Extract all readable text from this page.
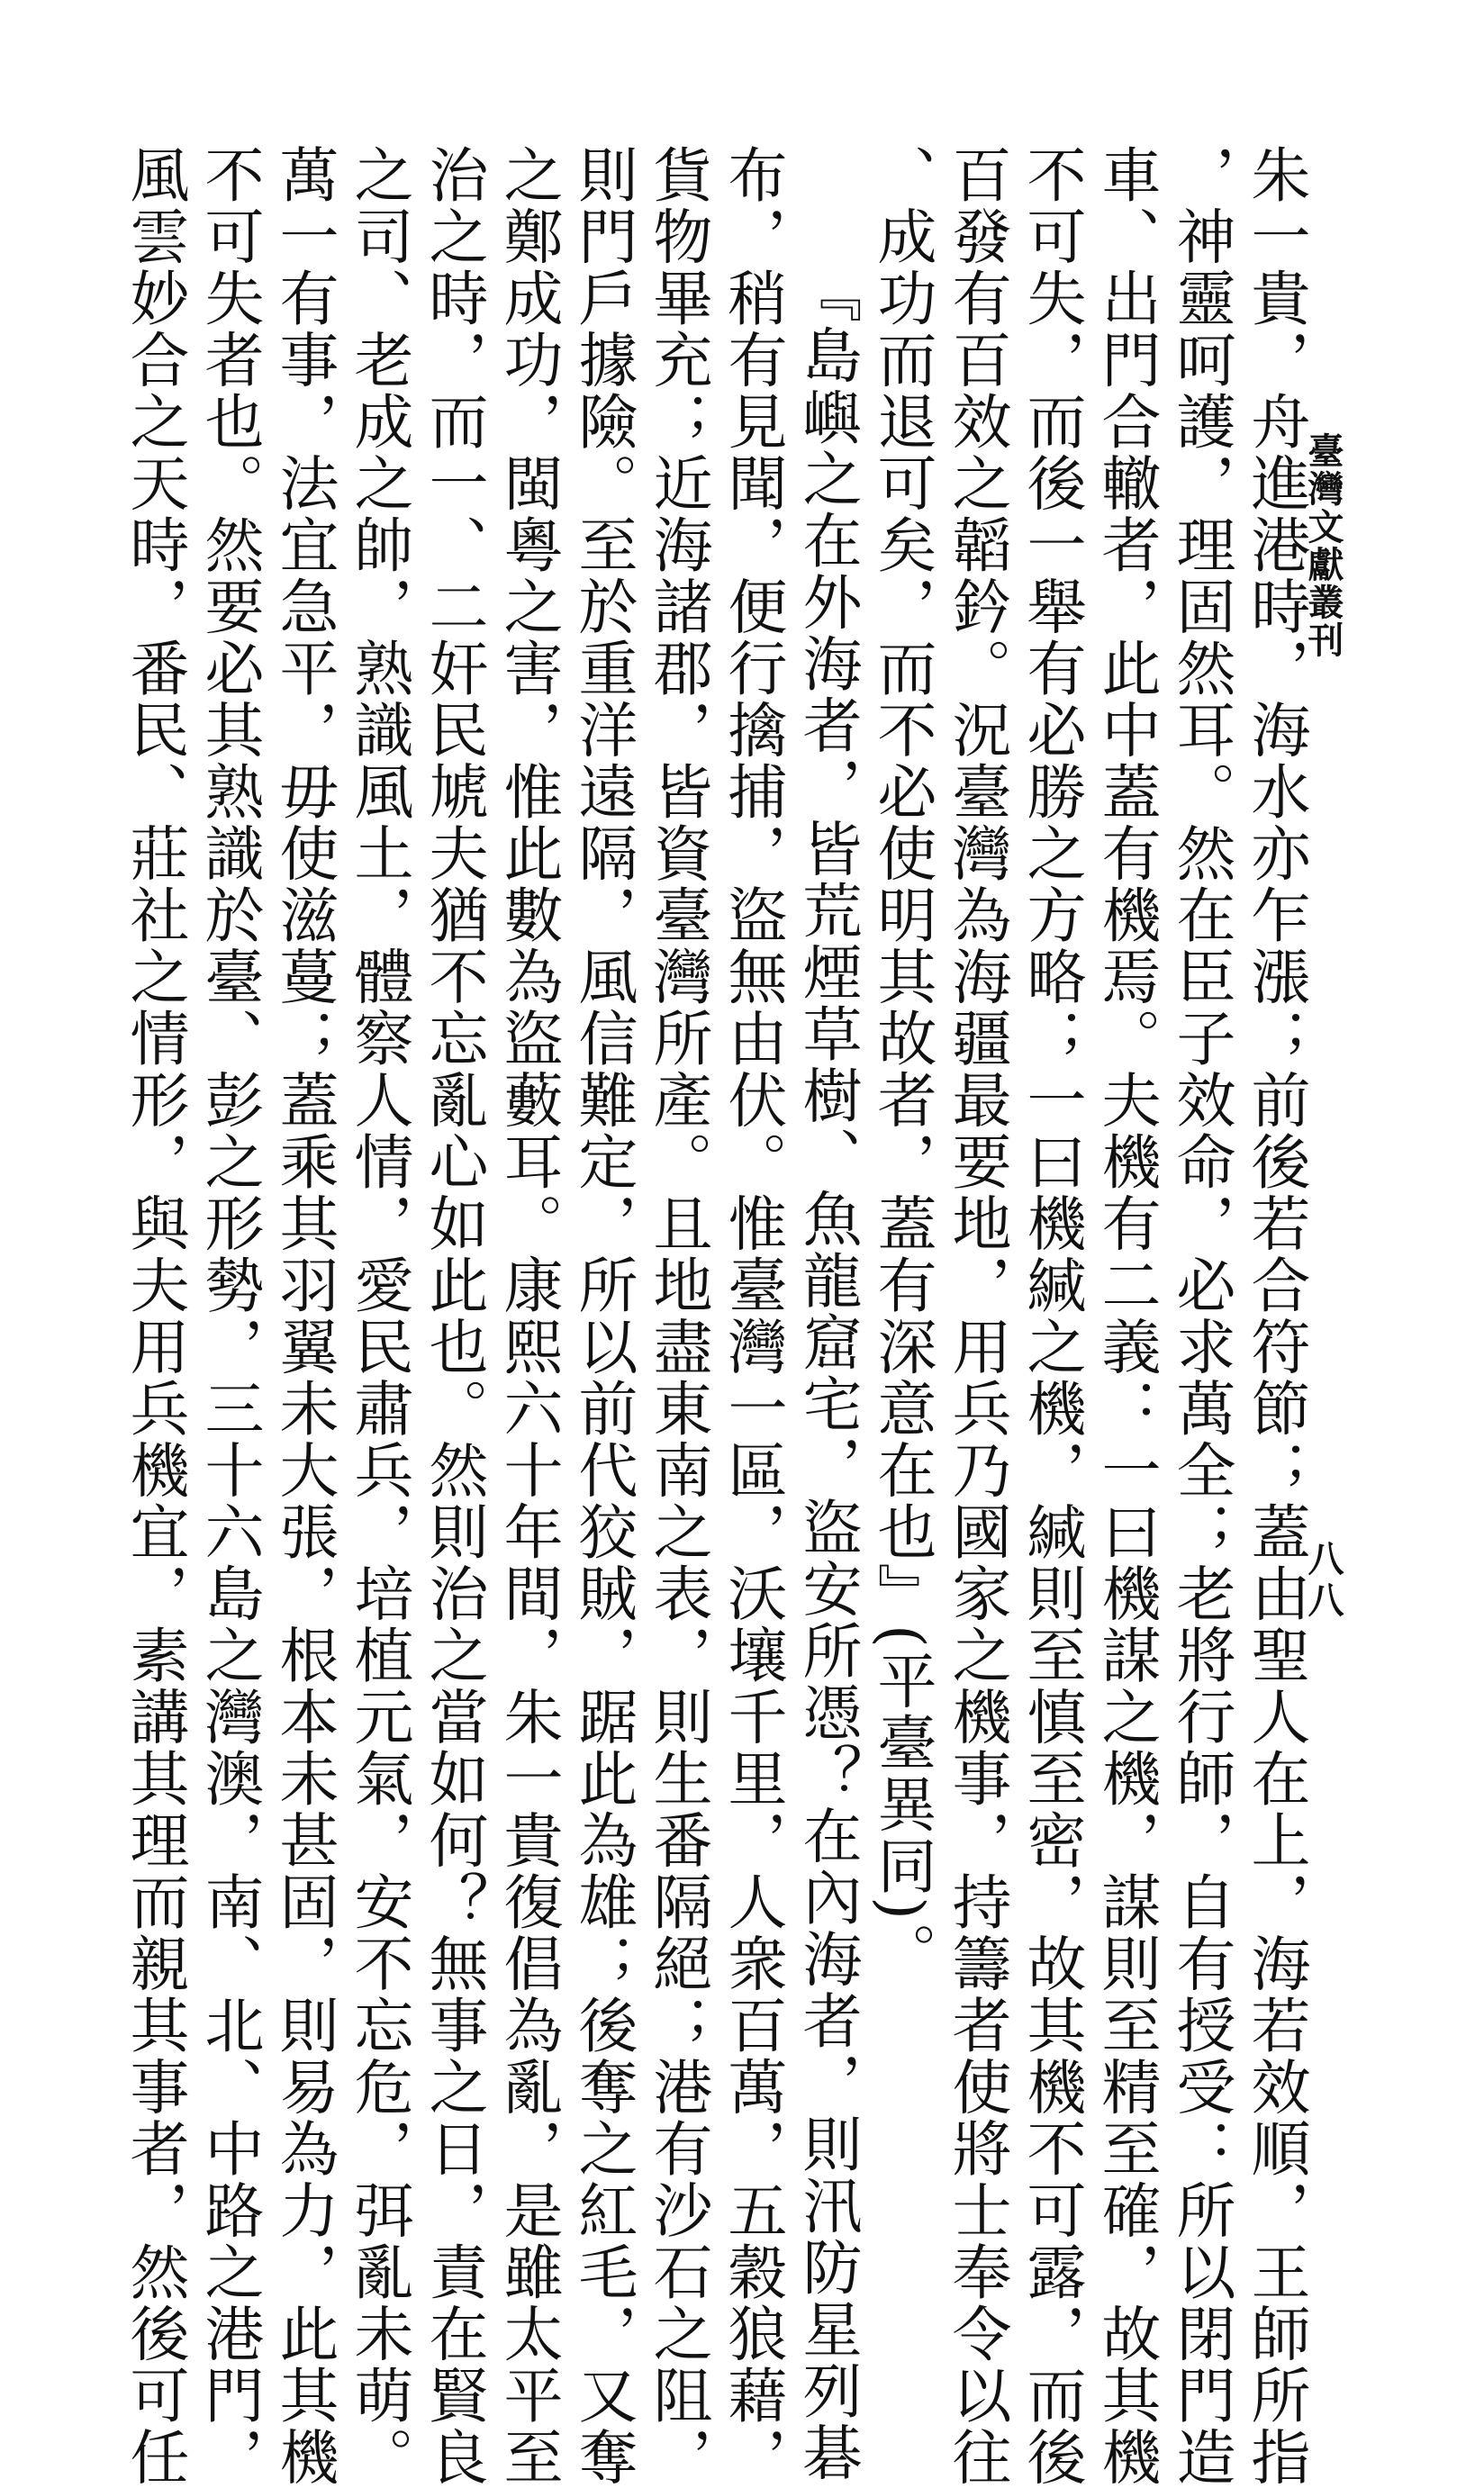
臺灣文獻叢刊
八八
朱一貴，舟進港時，海水亦乍漲；前後若合符節；蓋由聖人在上，海若效順，王師所指
，神靈呵護，理固然耳。然在臣子效命，必求萬全；老將行師，自有授受：所以閉門造
車、出門合轍者，此中蓋有機焉。夫機有二義：一曰機謀之機，謀則至精至確，故其機
不可失，而後一舉有必勝之方略；一曰機緘之機，緘則至慎至密，故其機不可露，而後
百發有百效之韜鈐。況臺灣為海疆最要地，用兵乃國家之機事，持籌者使將士奉令以往
、成功而退可矣，而不必使明其故者，蓋有深意在也』(平臺異同)。
『島嶼之在外海者，皆荒煙草樹、魚龍窟宅，盜安所憑？在內海者，則汛防星列碁
布，稍有見聞，便行擒捕，盜無由伏。惟臺灣一區，沃壤千里，人衆百萬，五穀狼藉，
貨物畢充；近海諸郡，皆資臺灣所產。且地盡東南之表，則生番隔絕；港有沙石之阻，
則門戶據險。至於重洋遠隔，風信難定，所以前代狡賊，踞此為雄；後奪之紅毛，又奪
之鄭成功，閩粵之害，惟此數為盜藪耳。康熙六十年間，朱一貴復倡為亂，是雖太平至
治之時，而一、二奸民虓夫猶不忘亂心如此也。然則治之當如何？無事之日，責在賢良
之司、老成之帥，熟識風土，體察人情，愛民肅兵，培植元氣，安不忘危，弭亂未萌。
萬一有事，法宜急平，毋使滋蔓；蓋乘其羽翼未大張，根本未甚固，則易為力，此其機
不可失者也。然要必其熟識於臺、彭之形勢，三十六島之灣澳，南、北、中路之港門，
風雲妙合之天時，番民、莊社之情形，與夫用兵機宜，素講其理而親其事者，然後可任
